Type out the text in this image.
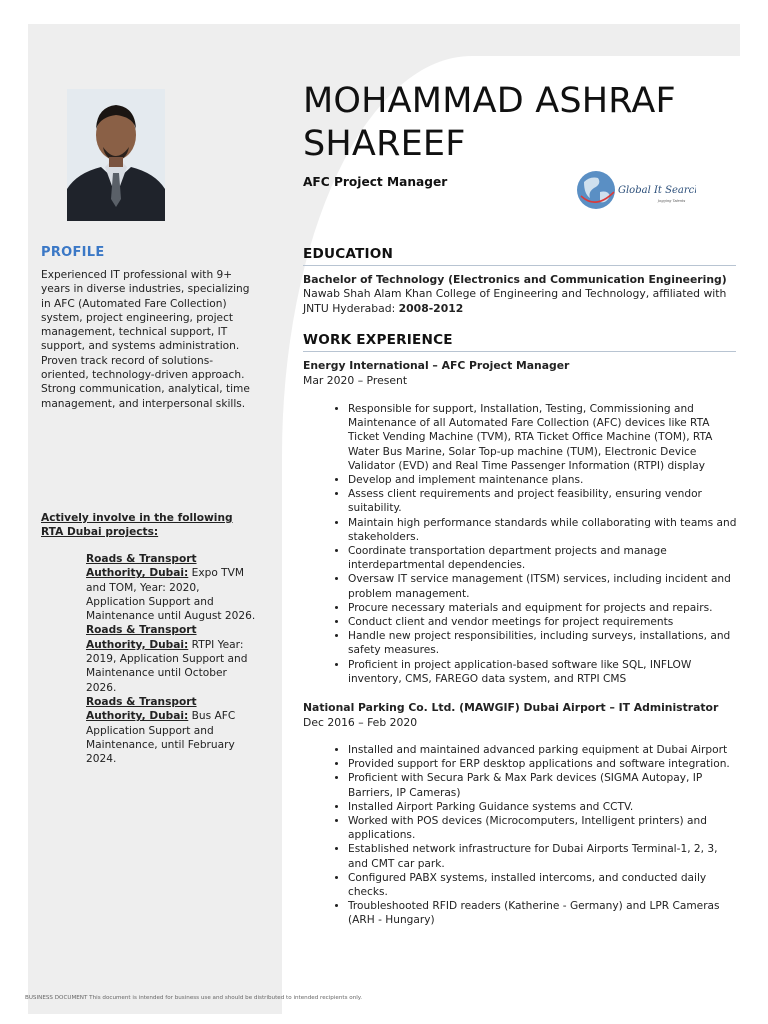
PROFILE
Experienced IT professional with 9+ years in diverse industries, specializing in AFC (Automated Fare Collection) system, project engineering, project management, technical support, IT support, and systems administration. Proven track record of solutions-oriented, technology-driven approach. Strong communication, analytical, time management, and interpersonal skills.
Actively involve in the following RTA Dubai projects:
Roads & Transport Authority, Dubai: Expo TVM and TOM, Year: 2020, Application Support and Maintenance until August 2026.
Roads & Transport Authority, Dubai: RTPI Year: 2019, Application Support and Maintenance until October 2026.
Roads & Transport Authority, Dubai: Bus AFC Application Support and Maintenance, until February 2024.
MOHAMMAD ASHRAF
SHAREEF
AFC Project Manager
Global It Search
Jogging Talents
EDUCATION
Bachelor of Technology (Electronics and Communication Engineering) Nawab Shah Alam Khan College of Engineering and Technology, affiliated with JNTU Hyderabad: 2008-2012
WORK EXPERIENCE
Energy International – AFC Project Manager
Mar 2020 – Present
• Responsible for support, Installation, Testing, Commissioning and Maintenance of all Automated Fare Collection (AFC) devices like RTA Ticket Vending Machine (TVM), RTA Ticket Office Machine (TOM), RTA Water Bus Marine, Solar Top-up machine (TUM), Electronic Device Validator (EVD) and Real Time Passenger Information (RTPI) display
• Develop and implement maintenance plans.
• Assess client requirements and project feasibility, ensuring vendor suitability.
• Maintain high performance standards while collaborating with teams and stakeholders.
• Coordinate transportation department projects and manage interdepartmental dependencies.
• Oversaw IT service management (ITSM) services, including incident and problem management.
• Procure necessary materials and equipment for projects and repairs.
• Conduct client and vendor meetings for project requirements
• Handle new project responsibilities, including surveys, installations, and safety measures.
• Proficient in project application-based software like SQL, INFLOW inventory, CMS, FAREGO data system, and RTPI CMS
National Parking Co. Ltd. (MAWGIF) Dubai Airport – IT Administrator
Dec 2016 – Feb 2020
• Installed and maintained advanced parking equipment at Dubai Airport
• Provided support for ERP desktop applications and software integration.
• Proficient with Secura Park & Max Park devices (SIGMA Autopay, IP Barriers, IP Cameras)
• Installed Airport Parking Guidance systems and CCTV.
• Worked with POS devices (Microcomputers, Intelligent printers) and applications.
• Established network infrastructure for Dubai Airports Terminal-1, 2, 3, and CMT car park.
• Configured PABX systems, installed intercoms, and conducted daily checks.
• Troubleshooted RFID readers (Katherine - Germany) and LPR Cameras (ARH - Hungary)
BUSINESS DOCUMENT This document is intended for business use and should be distributed to intended recipients only.
